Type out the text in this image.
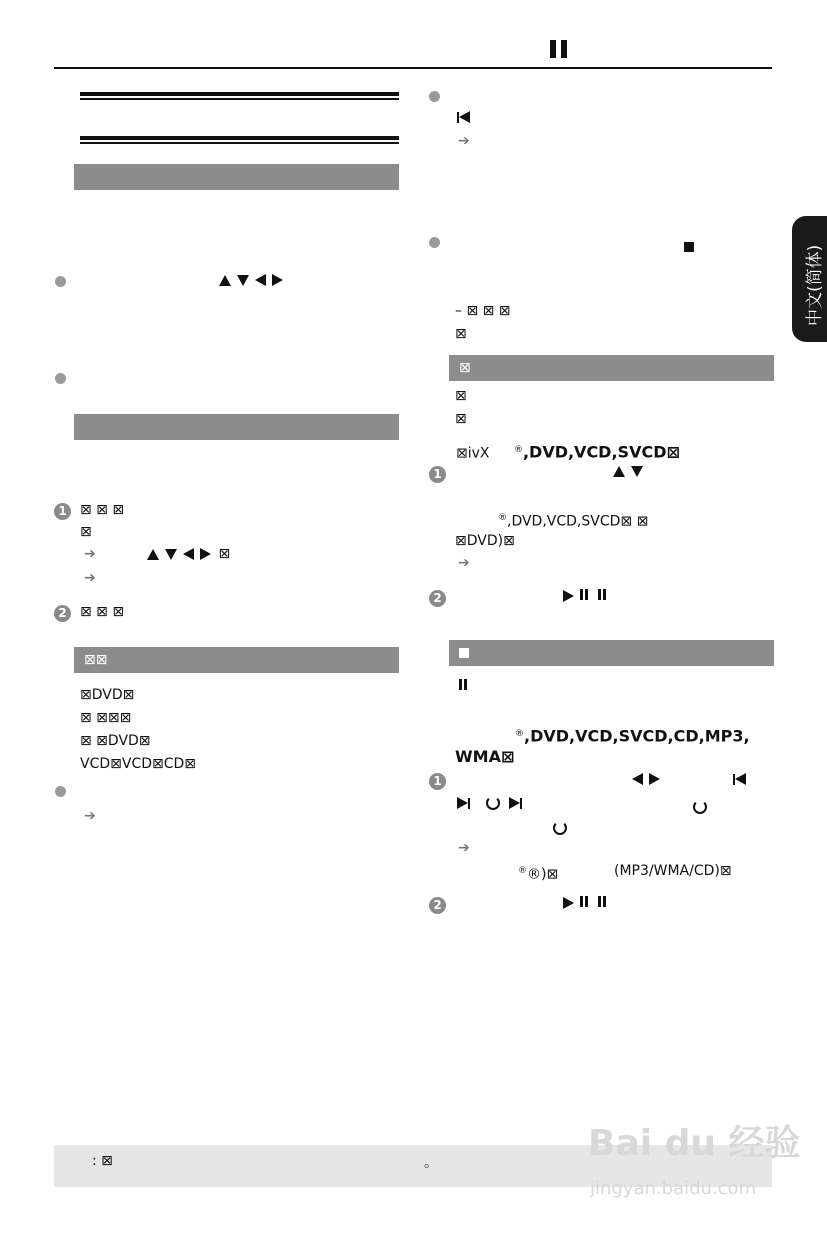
中文(简体)
1 ⊠ ⊠ ⊠
⊠
➔	⊠
➔
2 ⊠ ⊠ ⊠
⊠⊠
⊠DVD⊠
⊠ ⊠⊠⊠
⊠ ⊠DVD⊠
VCD⊠VCD⊠CD⊠
➔
➔
– ⊠ ⊠ ⊠
⊠
⊠
⊠
⊠
⊠ivX	®,DVD,VCD,SVCD⊠
1
®,DVD,VCD,SVCD⊠ ⊠
⊠DVD)⊠
➔
2
®,DVD,VCD,SVCD,CD,MP3,
WMA⊠
1

➔
®®)⊠	(MP3/WMA/CD)⊠
2
: ⊠	。	Bai du 经验
jingyan.baidu.com
